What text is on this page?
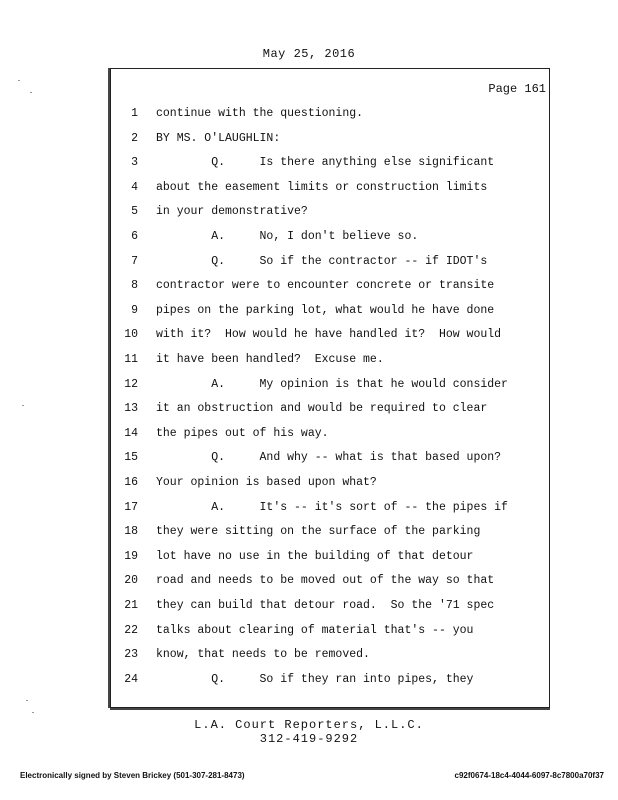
May 25, 2016
Page 161
1 continue with the questioning.
2 BY MS. O'LAUGHLIN:
3 Q.     Is there anything else significant
4 about the easement limits or construction limits
5 in your demonstrative?
6 A.     No, I don't believe so.
7 Q.     So if the contractor -- if IDOT's
8 contractor were to encounter concrete or transite
9 pipes on the parking lot, what would he have done
10 with it?  How would he have handled it?  How would
11 it have been handled?  Excuse me.
12 A.     My opinion is that he would consider
13 it an obstruction and would be required to clear
14 the pipes out of his way.
15 Q.     And why -- what is that based upon?
16 Your opinion is based upon what?
17 A.     It's -- it's sort of -- the pipes if
18 they were sitting on the surface of the parking
19 lot have no use in the building of that detour
20 road and needs to be moved out of the way so that
21 they can build that detour road.  So the '71 spec
22 talks about clearing of material that's -- you
23 know, that needs to be removed.
24 Q.     So if they ran into pipes, they
L.A. Court Reporters, L.L.C.
312-419-9292
Electronically signed by Steven Brickey (501-307-281-8473)	c92f0674-18c4-4044-6097-8c7800a70f37
